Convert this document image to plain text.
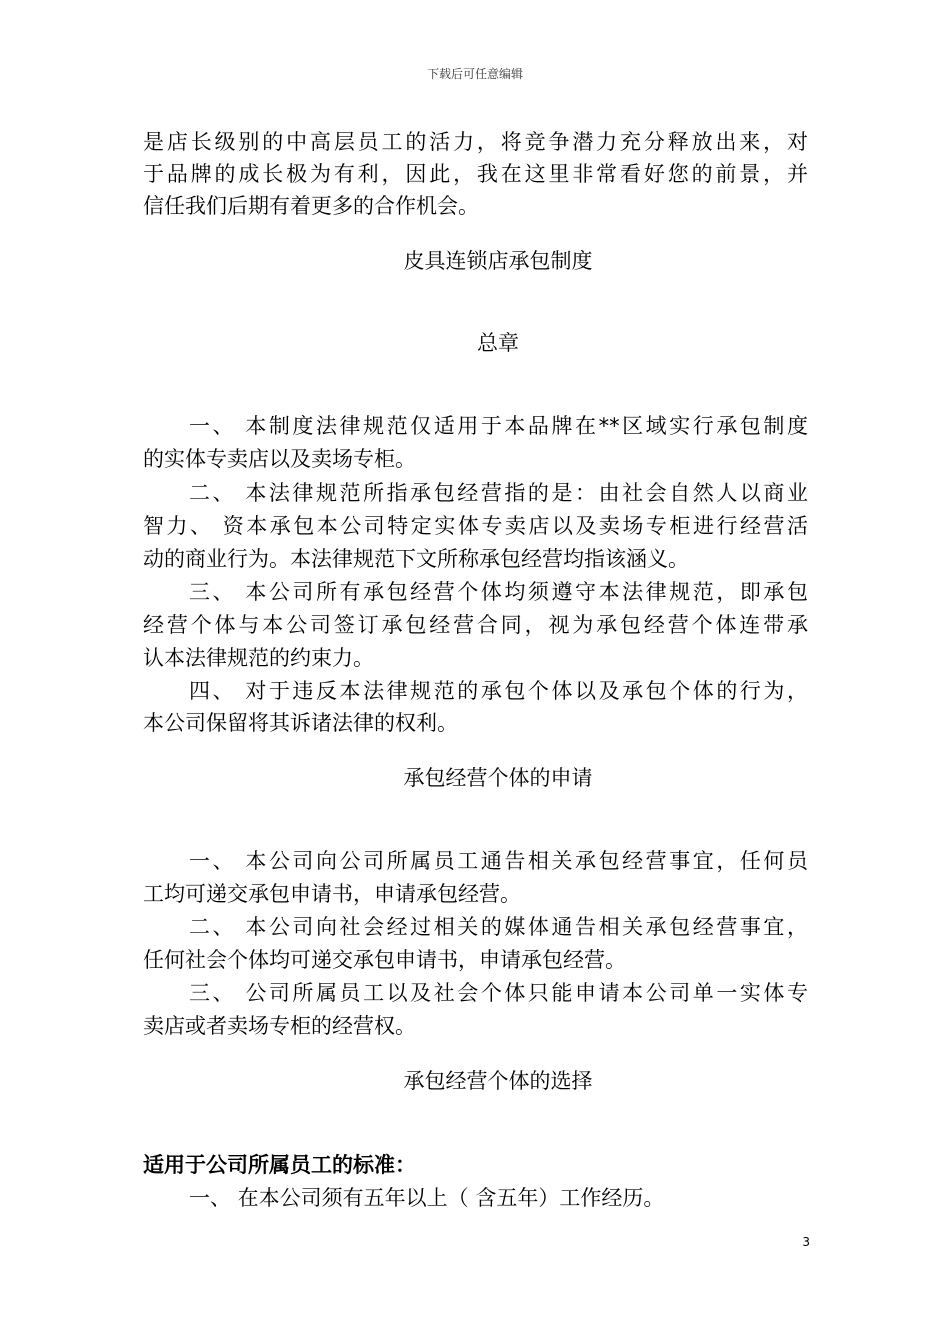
下载后可任意编辑
是店长级别的中高层员工的活力，将竞争潜力充分释放出来，对
于品牌的成长极为有利，因此，我在这里非常看好您的前景，并
信任我们后期有着更多的合作机会。
皮具连锁店承包制度
总章
一、 本制度法律规范仅适用于本品牌在**区域实行承包制度
的实体专卖店以及卖场专柜。
二、 本法律规范所指承包经营指的是：由社会自然人以商业
智力、 资本承包本公司特定实体专卖店以及卖场专柜进行经营活
动的商业行为。本法律规范下文所称承包经营均指该涵义。
三、 本公司所有承包经营个体均须遵守本法律规范，即承包
经营个体与本公司签订承包经营合同，视为承包经营个体连带承
认本法律规范的约束力。
四、 对于违反本法律规范的承包个体以及承包个体的行为，
本公司保留将其诉诸法律的权利。
承包经营个体的申请
一、 本公司向公司所属员工通告相关承包经营事宜，任何员
工均可递交承包申请书，申请承包经营。
二、 本公司向社会经过相关的媒体通告相关承包经营事宜，
任何社会个体均可递交承包申请书，申请承包经营。
三、 公司所属员工以及社会个体只能申请本公司单一实体专
卖店或者卖场专柜的经营权。
承包经营个体的选择
适用于公司所属员工的标准：
一、 在本公司须有五年以上（ 含五年）工作经历。
3
